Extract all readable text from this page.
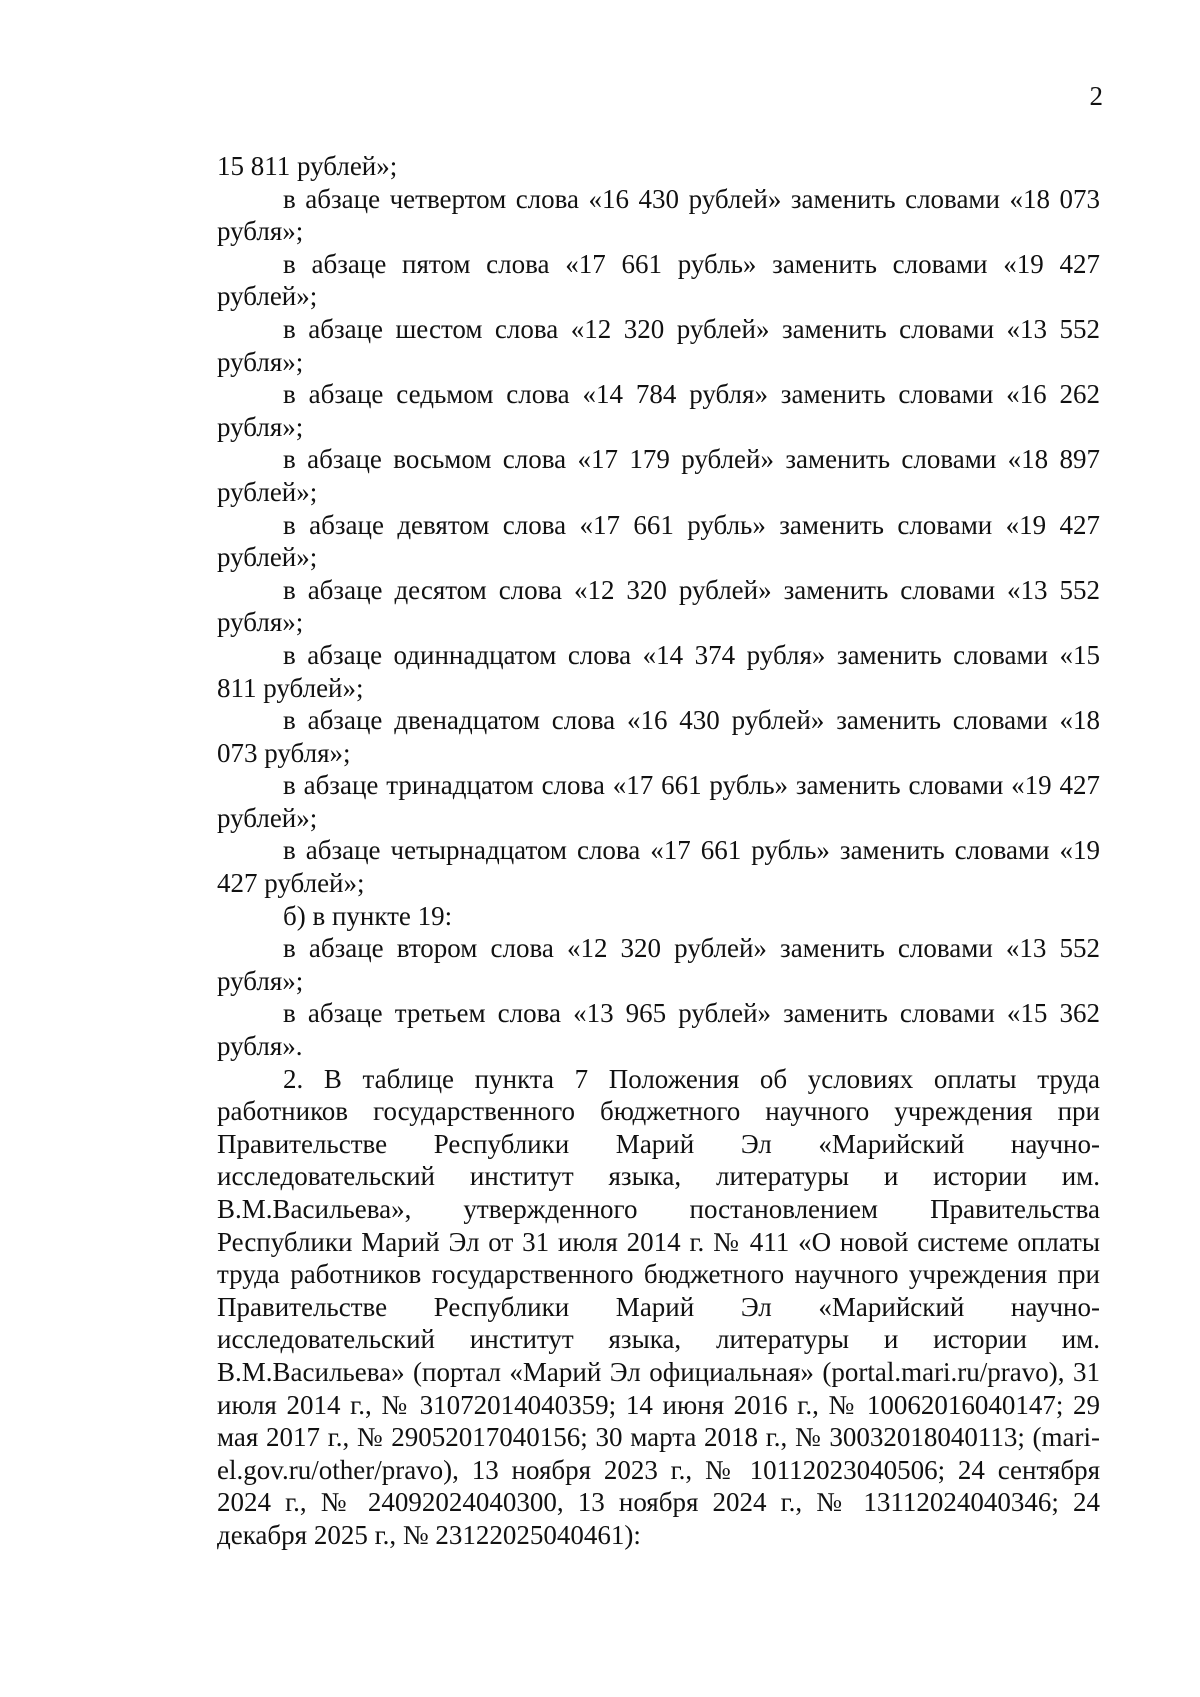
2

15 811 рублей»;

в абзаце четвертом слова «16 430 рублей» заменить словами «18 073 рубля»;

в абзаце пятом слова «17 661 рубль» заменить словами «19 427 рублей»;

в абзаце шестом слова «12 320 рублей» заменить словами «13 552 рубля»;

в абзаце седьмом слова «14 784 рубля» заменить словами «16 262 рубля»;

в абзаце восьмом слова «17 179 рублей» заменить словами «18 897 рублей»;

в абзаце девятом слова «17 661 рубль» заменить словами «19 427 рублей»;

в абзаце десятом слова «12 320 рублей» заменить словами «13 552 рубля»;

в абзаце одиннадцатом слова «14 374 рубля» заменить словами «15 811 рублей»;

в абзаце двенадцатом слова «16 430 рублей» заменить словами «18 073 рубля»;

в абзаце тринадцатом слова «17 661 рубль» заменить словами «19 427 рублей»;

в абзаце четырнадцатом слова «17 661 рубль» заменить словами «19 427 рублей»;

б) в пункте 19:

в абзаце втором слова «12 320 рублей» заменить словами «13 552 рубля»;

в абзаце третьем слова «13 965 рублей» заменить словами «15 362 рубля».

2. В таблице пункта 7 Положения об условиях оплаты труда работников государственного бюджетного научного учреждения при Правительстве Республики Марий Эл «Марийский научно-исследовательский институт языка, литературы и истории им. В.М.Васильева», утвержденного постановлением Правительства Республики Марий Эл от 31 июля 2014 г. № 411 «О новой системе оплаты труда работников государственного бюджетного научного учреждения при Правительстве Республики Марий Эл «Марийский научно-исследовательский институт языка, литературы и истории им. В.М.Васильева» (портал «Марий Эл официальная» (portal.mari.ru/pravo), 31 июля 2014 г., № 31072014040359; 14 июня 2016 г., № 10062016040147; 29 мая 2017 г., № 29052017040156; 30 марта 2018 г., № 30032018040113; (mari-el.gov.ru/other/pravo), 13 ноября 2023 г., № 10112023040506; 24 сентября 2024 г., № 24092024040300, 13 ноября 2024 г., № 13112024040346; 24 декабря 2025 г., № 23122025040461):
